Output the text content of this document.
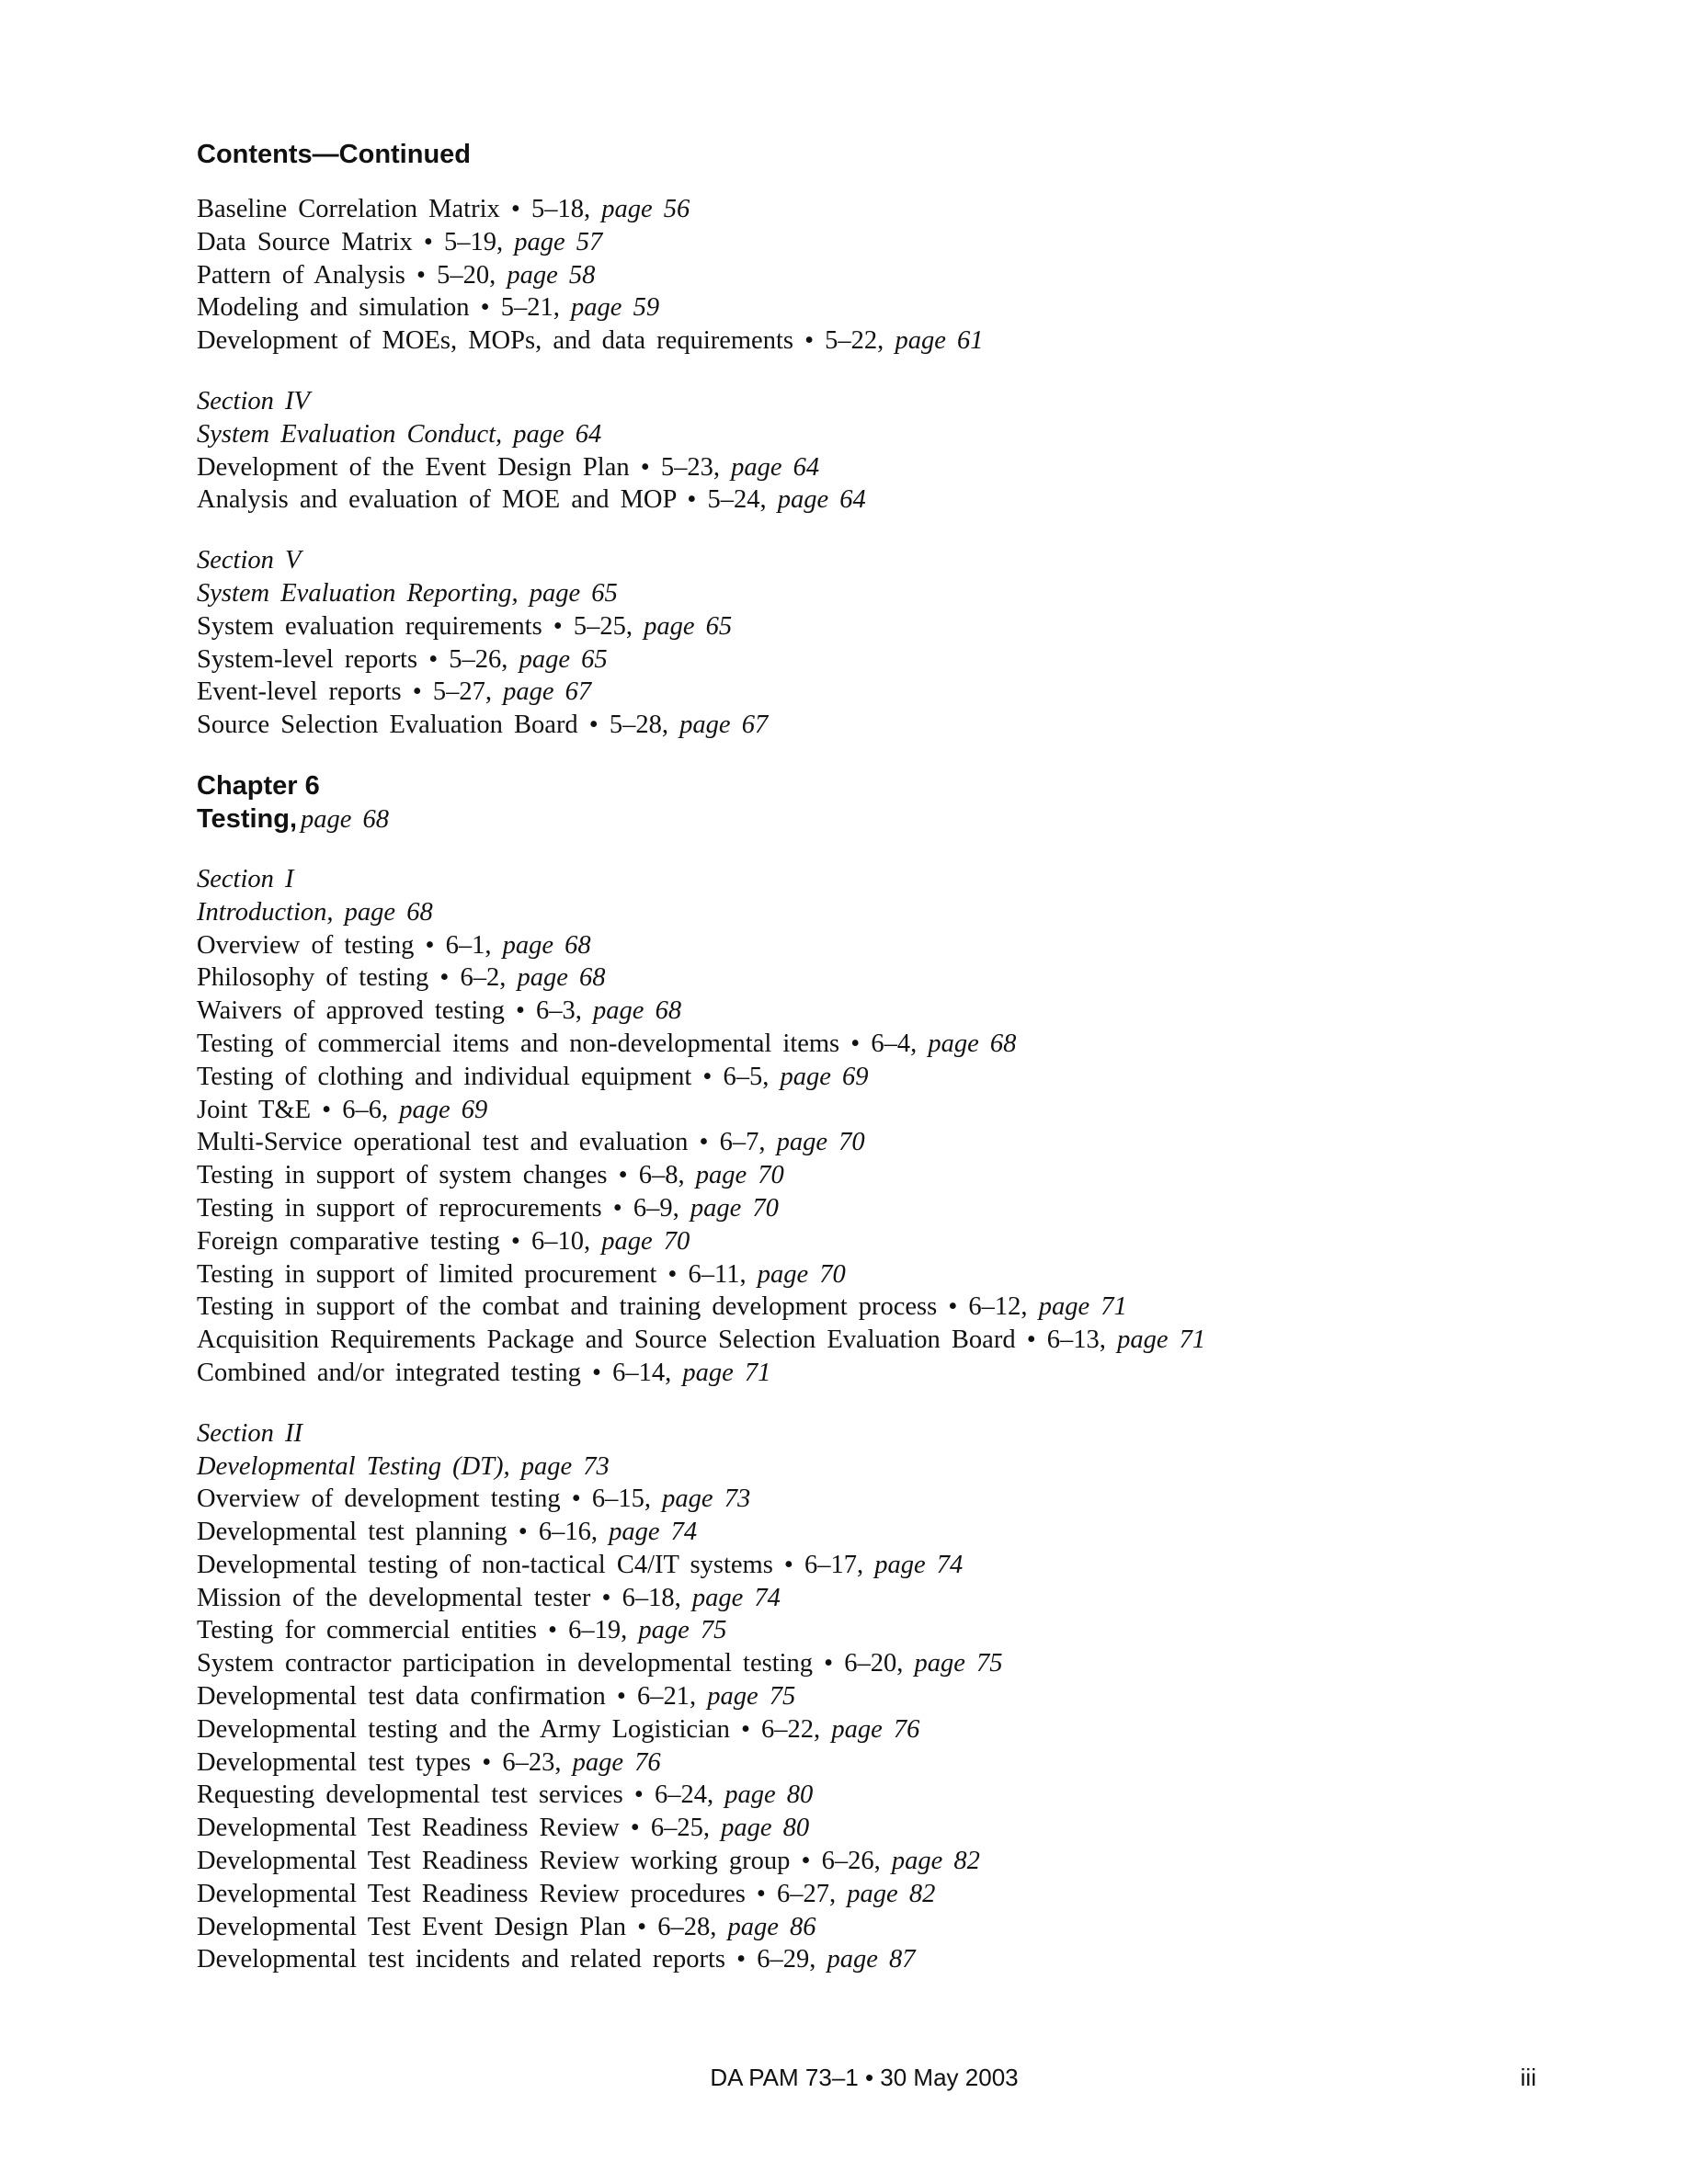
Contents—Continued
Baseline Correlation Matrix • 5–18, page 56
Data Source Matrix • 5–19, page 57
Pattern of Analysis • 5–20, page 58
Modeling and simulation • 5–21, page 59
Development of MOEs, MOPs, and data requirements • 5–22, page 61
Section IV
System Evaluation Conduct, page 64
Development of the Event Design Plan • 5–23, page 64
Analysis and evaluation of MOE and MOP • 5–24, page 64
Section V
System Evaluation Reporting, page 65
System evaluation requirements • 5–25, page 65
System-level reports • 5–26, page 65
Event-level reports • 5–27, page 67
Source Selection Evaluation Board • 5–28, page 67
Chapter 6
Testing, page 68
Section I
Introduction, page 68
Overview of testing • 6–1, page 68
Philosophy of testing • 6–2, page 68
Waivers of approved testing • 6–3, page 68
Testing of commercial items and non-developmental items • 6–4, page 68
Testing of clothing and individual equipment • 6–5, page 69
Joint T&E • 6–6, page 69
Multi-Service operational test and evaluation • 6–7, page 70
Testing in support of system changes • 6–8, page 70
Testing in support of reprocurements • 6–9, page 70
Foreign comparative testing • 6–10, page 70
Testing in support of limited procurement • 6–11, page 70
Testing in support of the combat and training development process • 6–12, page 71
Acquisition Requirements Package and Source Selection Evaluation Board • 6–13, page 71
Combined and/or integrated testing • 6–14, page 71
Section II
Developmental Testing (DT), page 73
Overview of development testing • 6–15, page 73
Developmental test planning • 6–16, page 74
Developmental testing of non-tactical C4/IT systems • 6–17, page 74
Mission of the developmental tester • 6–18, page 74
Testing for commercial entities • 6–19, page 75
System contractor participation in developmental testing • 6–20, page 75
Developmental test data confirmation • 6–21, page 75
Developmental testing and the Army Logistician • 6–22, page 76
Developmental test types • 6–23, page 76
Requesting developmental test services • 6–24, page 80
Developmental Test Readiness Review • 6–25, page 80
Developmental Test Readiness Review working group • 6–26, page 82
Developmental Test Readiness Review procedures • 6–27, page 82
Developmental Test Event Design Plan • 6–28, page 86
Developmental test incidents and related reports • 6–29, page 87
DA PAM 73–1 • 30 May 2003	iii
